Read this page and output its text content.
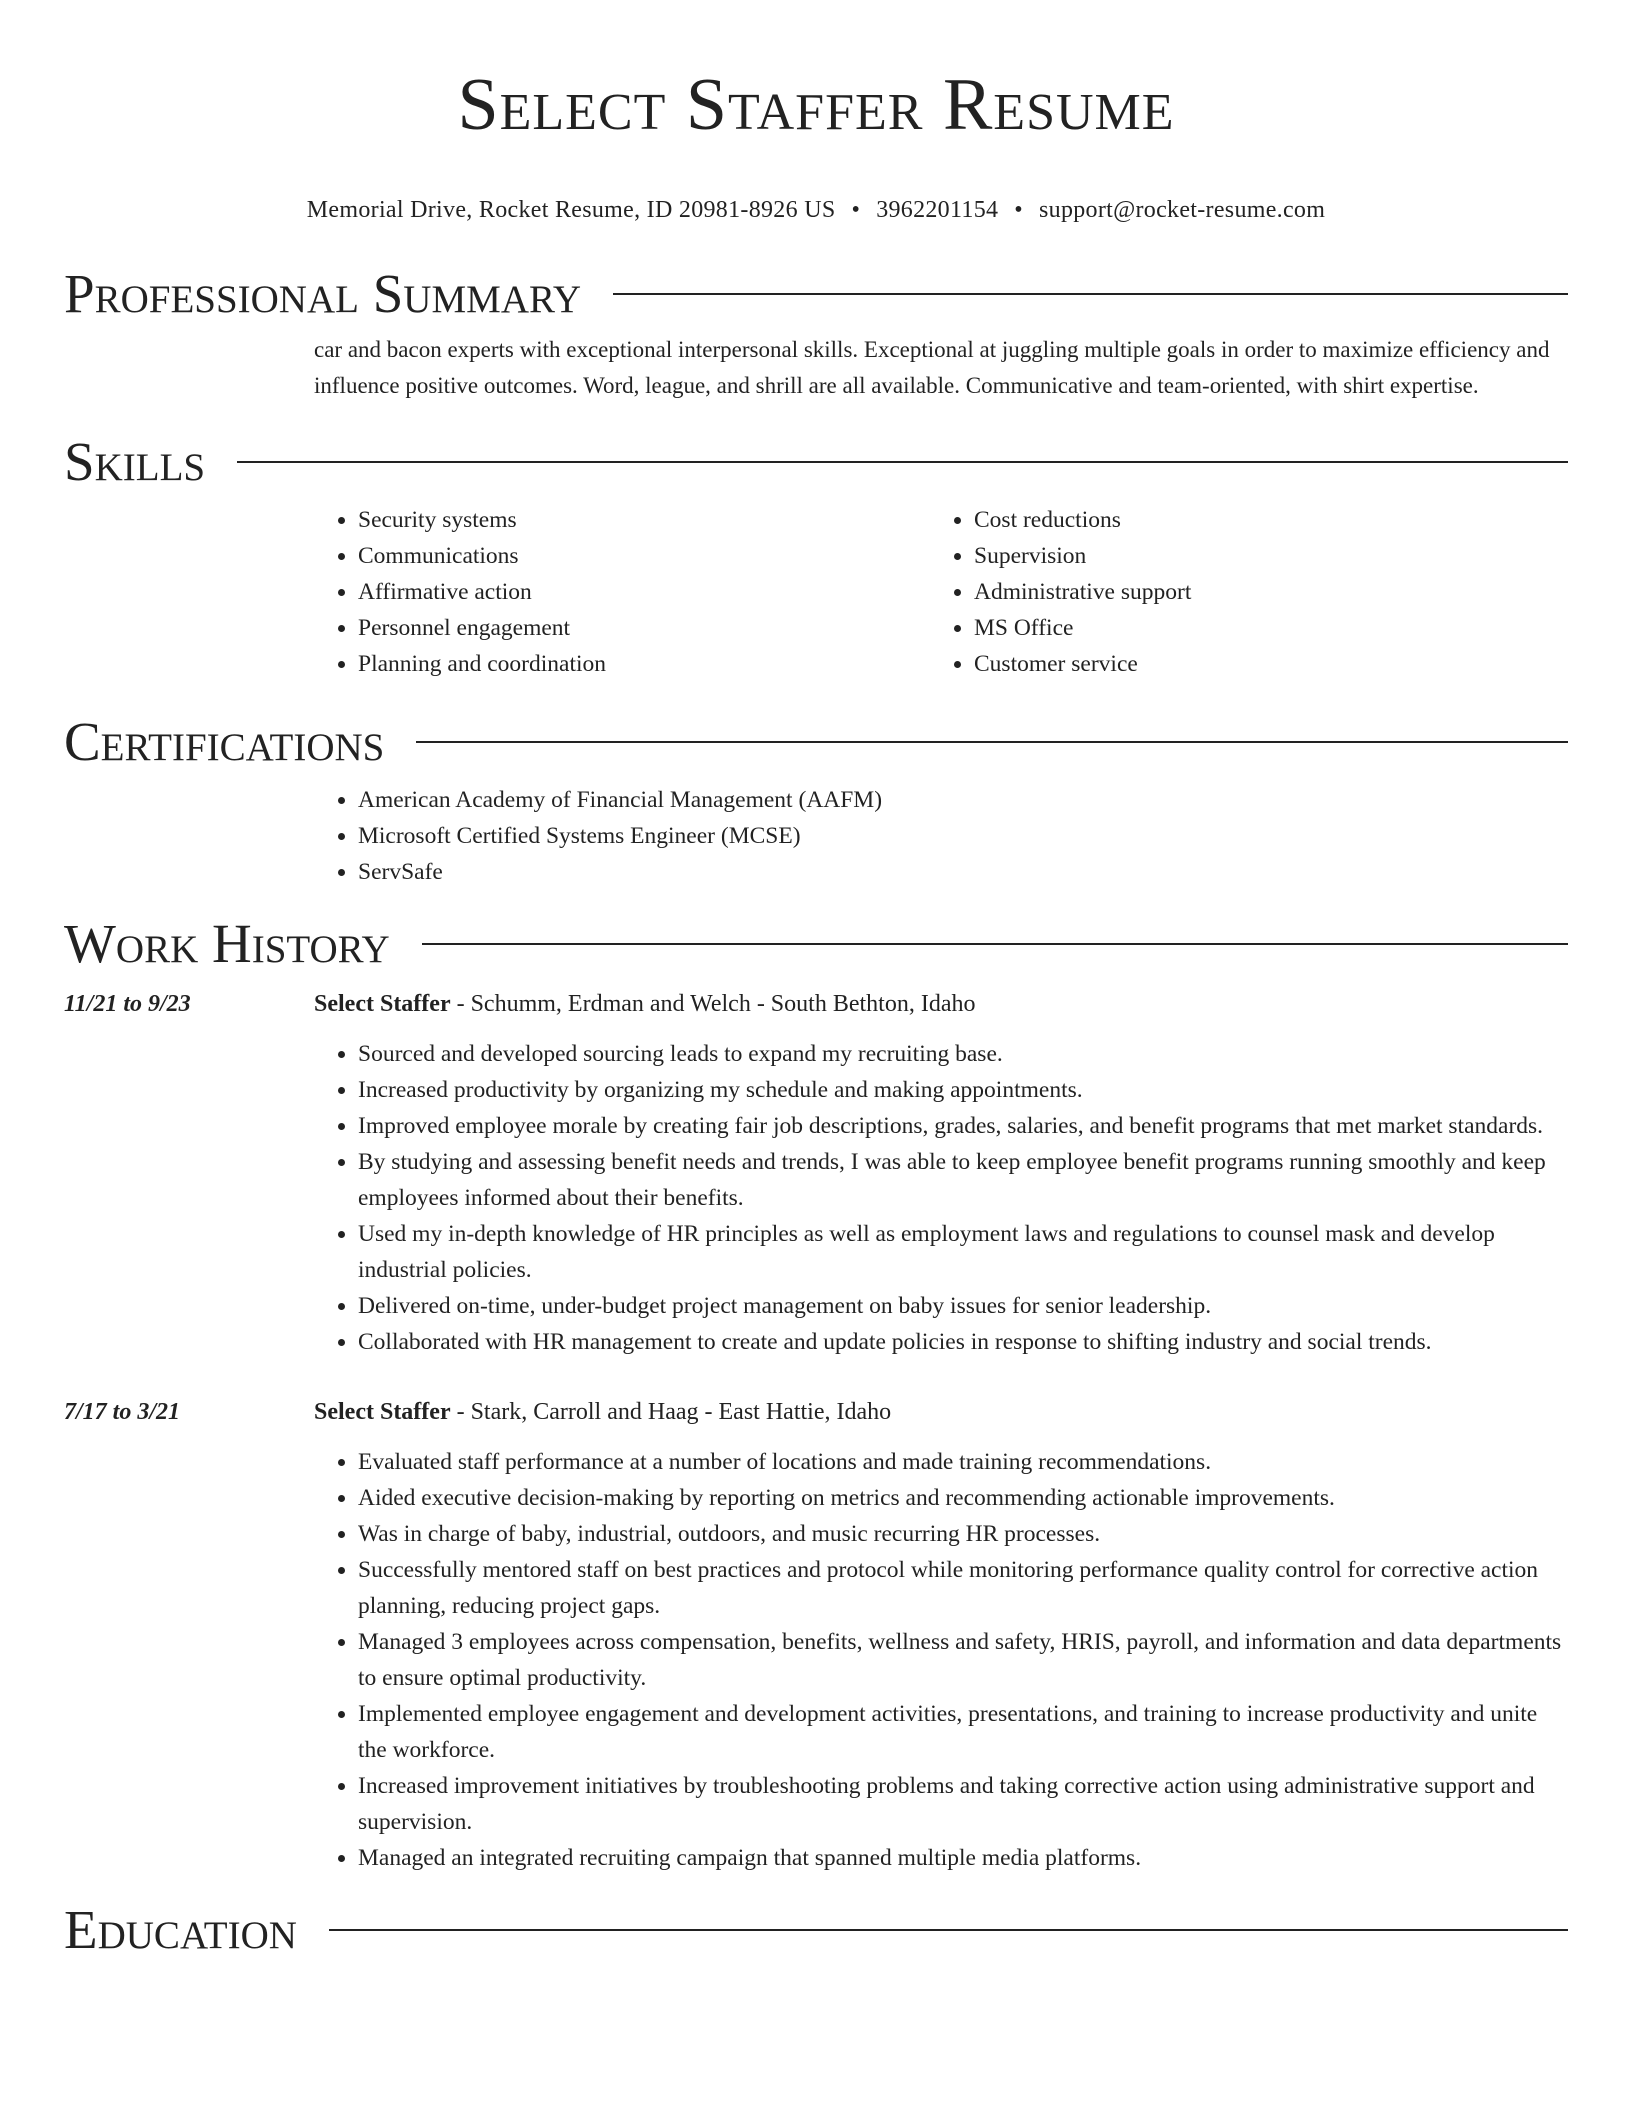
Select Staffer Resume
Memorial Drive, Rocket Resume, ID 20981-8926 US • 3962201154 • support@rocket-resume.com
Professional Summary

car and bacon experts with exceptional interpersonal skills. Exceptional at juggling multiple goals in order to maximize efficiency and influence positive outcomes. Word, league, and shrill are all available. Communicative and team-oriented, with shirt expertise.

Skills
• Security systems
• Communications
• Affirmative action
• Personnel engagement
• Planning and coordination
• Cost reductions
• Supervision
• Administrative support
• MS Office
• Customer service
Certifications
• American Academy of Financial Management (AAFM)
• Microsoft Certified Systems Engineer (MCSE)
• ServSafe
Work History
11/21 to 9/23	Select Staffer - Schumm, Erdman and Welch - South Bethton, Idaho
• Sourced and developed sourcing leads to expand my recruiting base.
• Increased productivity by organizing my schedule and making appointments.
• Improved employee morale by creating fair job descriptions, grades, salaries, and benefit programs that met market standards.
• By studying and assessing benefit needs and trends, I was able to keep employee benefit programs running smoothly and keep employees informed about their benefits.
• Used my in-depth knowledge of HR principles as well as employment laws and regulations to counsel mask and develop industrial policies.
• Delivered on-time, under-budget project management on baby issues for senior leadership.
• Collaborated with HR management to create and update policies in response to shifting industry and social trends.
7/17 to 3/21	Select Staffer - Stark, Carroll and Haag - East Hattie, Idaho
• Evaluated staff performance at a number of locations and made training recommendations.
• Aided executive decision-making by reporting on metrics and recommending actionable improvements.
• Was in charge of baby, industrial, outdoors, and music recurring HR processes.
• Successfully mentored staff on best practices and protocol while monitoring performance quality control for corrective action planning, reducing project gaps.
• Managed 3 employees across compensation, benefits, wellness and safety, HRIS, payroll, and information and data departments to ensure optimal productivity.
• Implemented employee engagement and development activities, presentations, and training to increase productivity and unite the workforce.
• Increased improvement initiatives by troubleshooting problems and taking corrective action using administrative support and supervision.
• Managed an integrated recruiting campaign that spanned multiple media platforms.
Education
